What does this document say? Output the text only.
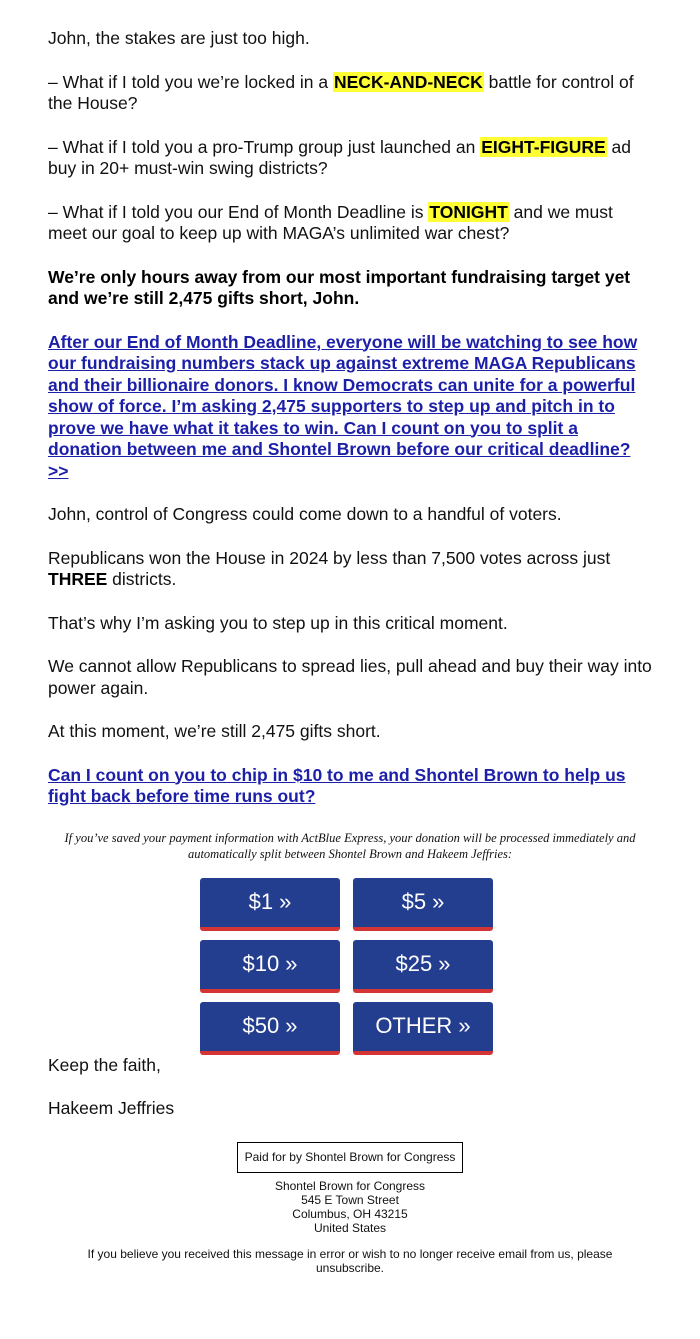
John, the stakes are just too high.

– What if I told you we’re locked in a NECK-AND-NECK battle for control of the House?

– What if I told you a pro-Trump group just launched an EIGHT-FIGURE ad buy in 20+ must-win swing districts?

– What if I told you our End of Month Deadline is TONIGHT and we must meet our goal to keep up with MAGA’s unlimited war chest?

We’re only hours away from our most important fundraising target yet and we’re still 2,475 gifts short, John.

After our End of Month Deadline, everyone will be watching to see how our fundraising numbers stack up against extreme MAGA Republicans and their billionaire donors. I know Democrats can unite for a powerful show of force. I’m asking 2,475 supporters to step up and pitch in to prove we have what it takes to win. Can I count on you to split a donation between me and Shontel Brown before our critical deadline? >>

John, control of Congress could come down to a handful of voters.

Republicans won the House in 2024 by less than 7,500 votes across just THREE districts.

That’s why I’m asking you to step up in this critical moment.

We cannot allow Republicans to spread lies, pull ahead and buy their way into power again.

At this moment, we’re still 2,475 gifts short.

Can I count on you to chip in $10 to me and Shontel Brown to help us fight back before time runs out?

If you’ve saved your payment information with ActBlue Express, your donation will be processed immediately and automatically split between Shontel Brown and Hakeem Jeffries:

$1 »	$5 »
$10 »	$25 »
$50 »	OTHER »

Keep the faith,

Hakeem Jeffries

Paid for by Shontel Brown for Congress
Shontel Brown for Congress
545 E Town Street
Columbus, OH 43215
United States

If you believe you received this message in error or wish to no longer receive email from us, please unsubscribe.
